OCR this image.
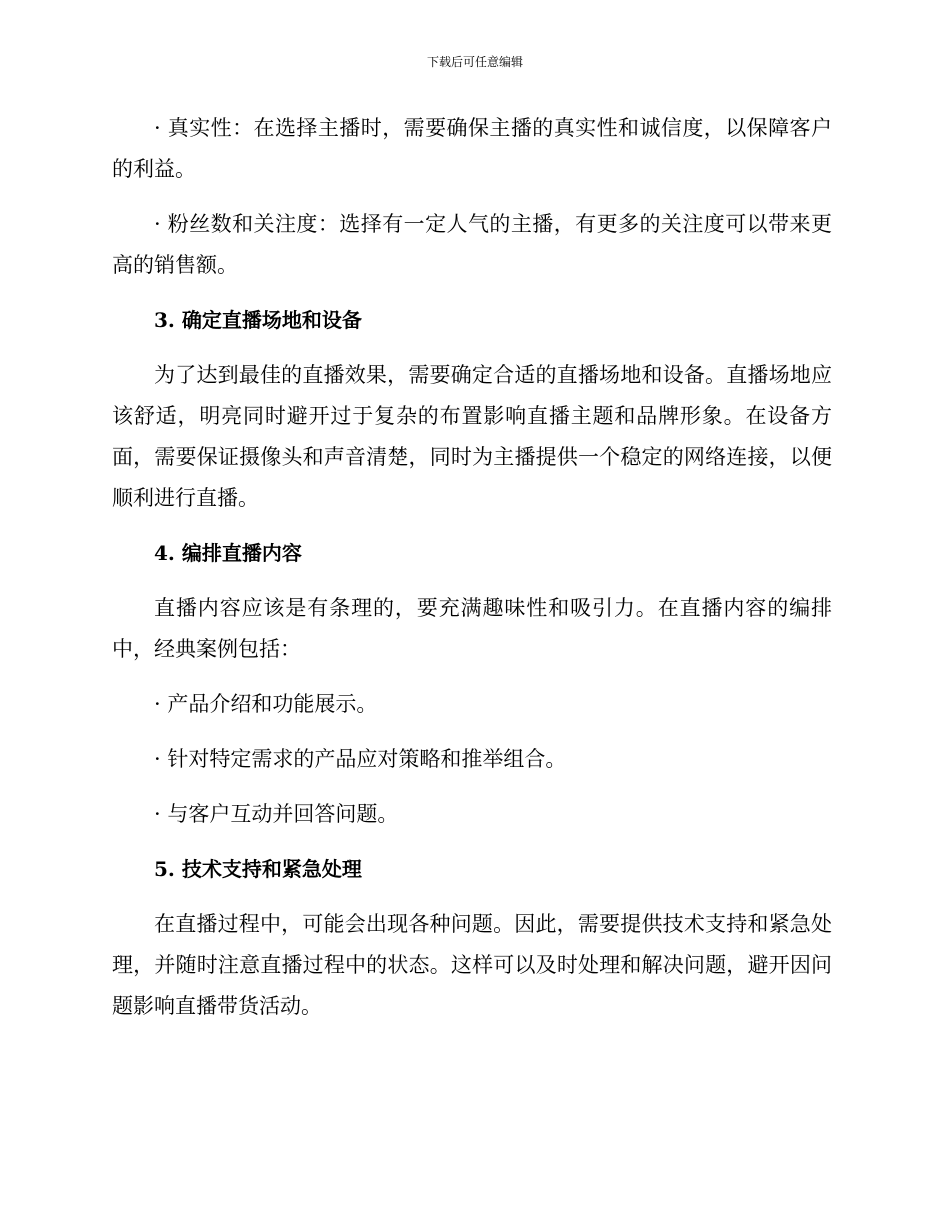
下载后可任意编辑

· 真实性：在选择主播时，需要确保主播的真实性和诚信度，以保障客户的利益。

· 粉丝数和关注度：选择有一定人气的主播，有更多的关注度可以带来更高的销售额。

3. 确定直播场地和设备

为了达到最佳的直播效果，需要确定合适的直播场地和设备。直播场地应该舒适，明亮同时避开过于复杂的布置影响直播主题和品牌形象。在设备方面，需要保证摄像头和声音清楚，同时为主播提供一个稳定的网络连接，以便顺利进行直播。

4. 编排直播内容

直播内容应该是有条理的，要充满趣味性和吸引力。在直播内容的编排中，经典案例包括：

· 产品介绍和功能展示。

· 针对特定需求的产品应对策略和推举组合。

· 与客户互动并回答问题。

5. 技术支持和紧急处理

在直播过程中，可能会出现各种问题。因此，需要提供技术支持和紧急处理，并随时注意直播过程中的状态。这样可以及时处理和解决问题，避开因问题影响直播带货活动。
